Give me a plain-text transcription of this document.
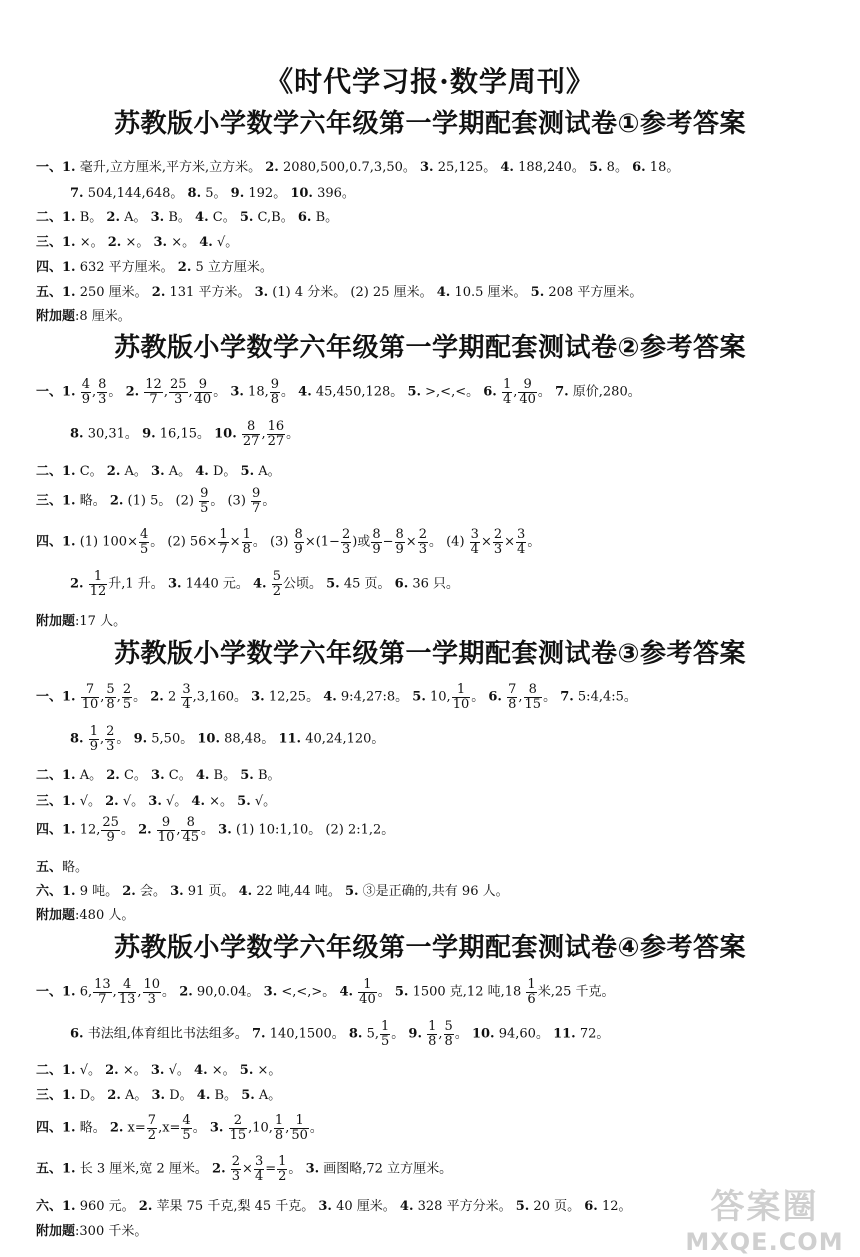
《时代学习报·数学周刊》
苏教版小学数学六年级第一学期配套测试卷①参考答案
苏教版小学数学六年级第一学期配套测试卷②参考答案
苏教版小学数学六年级第一学期配套测试卷③参考答案
苏教版小学数学六年级第一学期配套测试卷④参考答案
一、1. 毫升,立方厘米,平方米,立方米。 2. 2080,500,0.7,3,50。 3. 25,125。 4. 188,240。 5. 8。 6. 18。
7. 504,144,648。 8. 5。 9. 192。 10. 396。
二、1. B。 2. A。 3. B。 4. C。 5. C,B。 6. B。
三、1. ×。 2. ×。 3. ×。 4. √。
四、1. 632 平方厘米。 2. 5 立方厘米。
五、1. 250 厘米。 2. 131 平方米。 3. (1) 4 分米。 (2) 25 厘米。 4. 10.5 厘米。 5. 208 平方厘米。
附加题:8 厘米。
一、1. $\frac{4}{9}$ , $\frac{8}{3}$ 。 2. $\frac{12}{7}$ , $\frac{25}{3}$ , $\frac{9}{40}$ 。 3. 18, $\frac{9}{8}$ 。 4. 45,450,128。 5. >,<,<。 6. $\frac{1}{4}$ , $\frac{9}{40}$ 。 7. 原价,280。
8. 30,31。 9. 16,15。 10. $\frac{8}{27}$ , $\frac{16}{27}$ 。
二、1. C。 2. A。 3. A。 4. D。 5. A。
三、1. 略。 2. (1) 5。 $(2) \frac{9}{5}$ 。 $(3) \frac{9}{7}$ 。
四、1. (1) $100\times \frac{4}{5}$ 。 (2) $56\times \frac{1}{7} \times \frac{1}{8}$ 。 $(3) \frac{8}{9} \times(1- \frac{2}{3}$ )或 $\frac{8}{9} - \frac{8}{9} \times \frac{2}{3}$ 。 $(4) \frac{3}{4} \times \frac{2}{3} \times \frac{3}{4}$ 。
2. $\frac{1}{12}$ 升,1 升。 3. 1440 元。 4. $\frac{5}{2}$ 公顷。 5. 45 页。 6. 36 只。
附加题:17 人。
一、1. $\frac{7}{10}$ , $\frac{5}{8}$ , $\frac{2}{5}$ 。 2. $2 \frac{3}{4} ,3,160$。 3. 12,25。 4. 9:4,27:8。 5. 10, $\frac{1}{10}$ 。 6. $\frac{7}{8}$ , $\frac{8}{15}$ 。 7. 5:4,4:5。
8. $\frac{1}{9}$ , $\frac{2}{3}$ 。 9. 5,50。 10. 88,48。 11. 40,24,120。
二、1. A。 2. C。 3. C。 4. B。 5. B。
三、1. √。 2. √。 3. √。 4. ×。 5. √。
四、1. 12, $\frac{25}{9}$ 。 2. $\frac{9}{10}$ , $\frac{8}{45}$ 。 3. (1) 10:1,10。 (2) 2:1,2。
五、略。
六、1. 9 吨。 2. 会。 3. 91 页。 4. 22 吨,44 吨。 5. ③是正确的,共有 96 人。
附加题:480 人。
一、1. 6, $\frac{13}{7}$ , $\frac{4}{13}$ , $\frac{10}{3}$ 。 2. 90,0.04。 3. <,<,>。 4. $\frac{1}{40}$ 。 5. 1500 克,12 吨$,18 \frac{1}{6}$ 米,25 千克。
6. 书法组,体育组比书法组多。 7. 140,1500。 8. 5, $\frac{1}{5}$ 。 9. $\frac{1}{8}$ , $\frac{5}{8}$ 。 10. 94,60。 11. 72。
二、1. √。 2. ×。 3. √。 4. ×。 5. ×。
三、1. D。 2. A。 3. D。 4. B。 5. A。
四、1. 略。 2. $x= \frac{7}{2} ,x= \frac{4}{5}$ 。 3. $\frac{2}{15} ,10$, $\frac{1}{8}$ , $\frac{1}{50}$ 。
五、1. 长 3 厘米,宽 2 厘米。 2. $\frac{2}{3} \times \frac{3}{4} = \frac{1}{2}$ 。 3. 画图略,72 立方厘米。
六、1. 960 元。 2. 苹果 75 千克,梨 45 千克。 3. 40 厘米。 4. 328 平方分米。 5. 20 页。 6. 12。
附加题:300 千米。
答案圈
MXQE.COM
